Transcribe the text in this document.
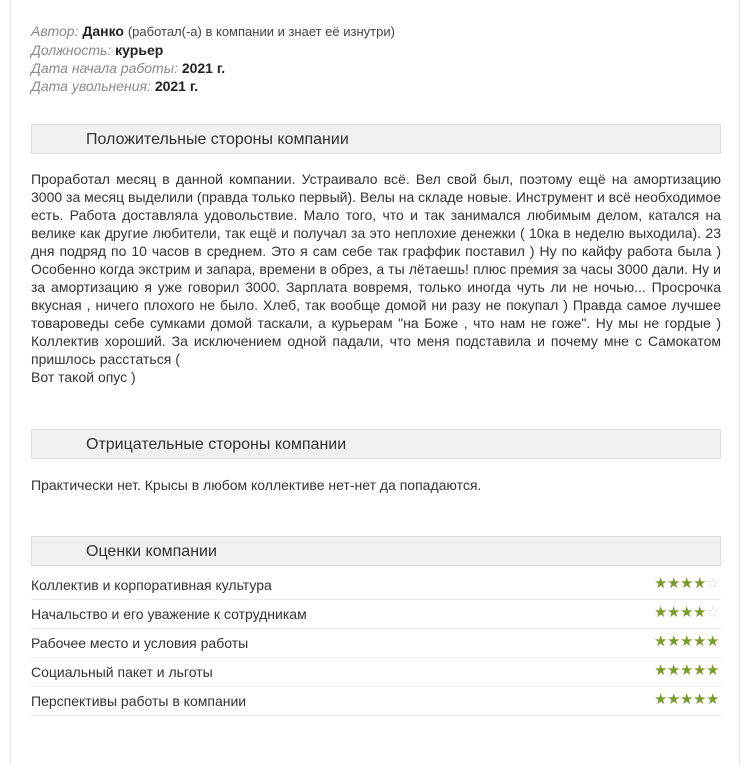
Автор: Данко (работал(-а) в компании и знает её изнутри)
Должность: курьер
Дата начала работы: 2021 г.
Дата увольнения: 2021 г.
Положительные стороны компании
Проработал месяц в данной компании. Устраивало всё. Вел свой был, поэтому ещё на амортизацию 3000 за месяц выделили (правда только первый). Велы на складе новые. Инструмент и всё необходимое есть. Работа доставляла удовольствие. Мало того, что и так занимался любимым делом, катался на велике как другие любители, так ещё и получал за это неплохие денежки ( 10ка в неделю выходила). 23 дня подряд по 10 часов в среднем. Это я сам себе так граффик поставил ) Ну по кайфу работа была ) Особенно когда экстрим и запара, времени в обрез, а ты лётаешь! плюс премия за часы 3000 дали. Ну и за амортизацию я уже говорил 3000. Зарплата вовремя, только иногда чуть ли не ночью... Просрочка вкусная , ничего плохого не было. Хлеб, так вообще домой ни разу не покупал ) Правда самое лучшее товароведы себе сумками домой таскали, а курьерам "на Боже , что нам не гоже". Ну мы не гордые ) Коллектив хороший. За исключением одной падали, что меня подставила и почему мне с Самокатом пришлось расстаться (
Вот такой опус )
Отрицательные стороны компании
Практически нет. Крысы в любом коллективе нет-нет да попадаются.
Оценки компании
Коллектив и корпоративная культура	★★★★☆
Начальство и его уважение к сотрудникам	★★★★☆
Рабочее место и условия работы	★★★★★
Социальный пакет и льготы	★★★★★
Перспективы работы в компании	★★★★★
